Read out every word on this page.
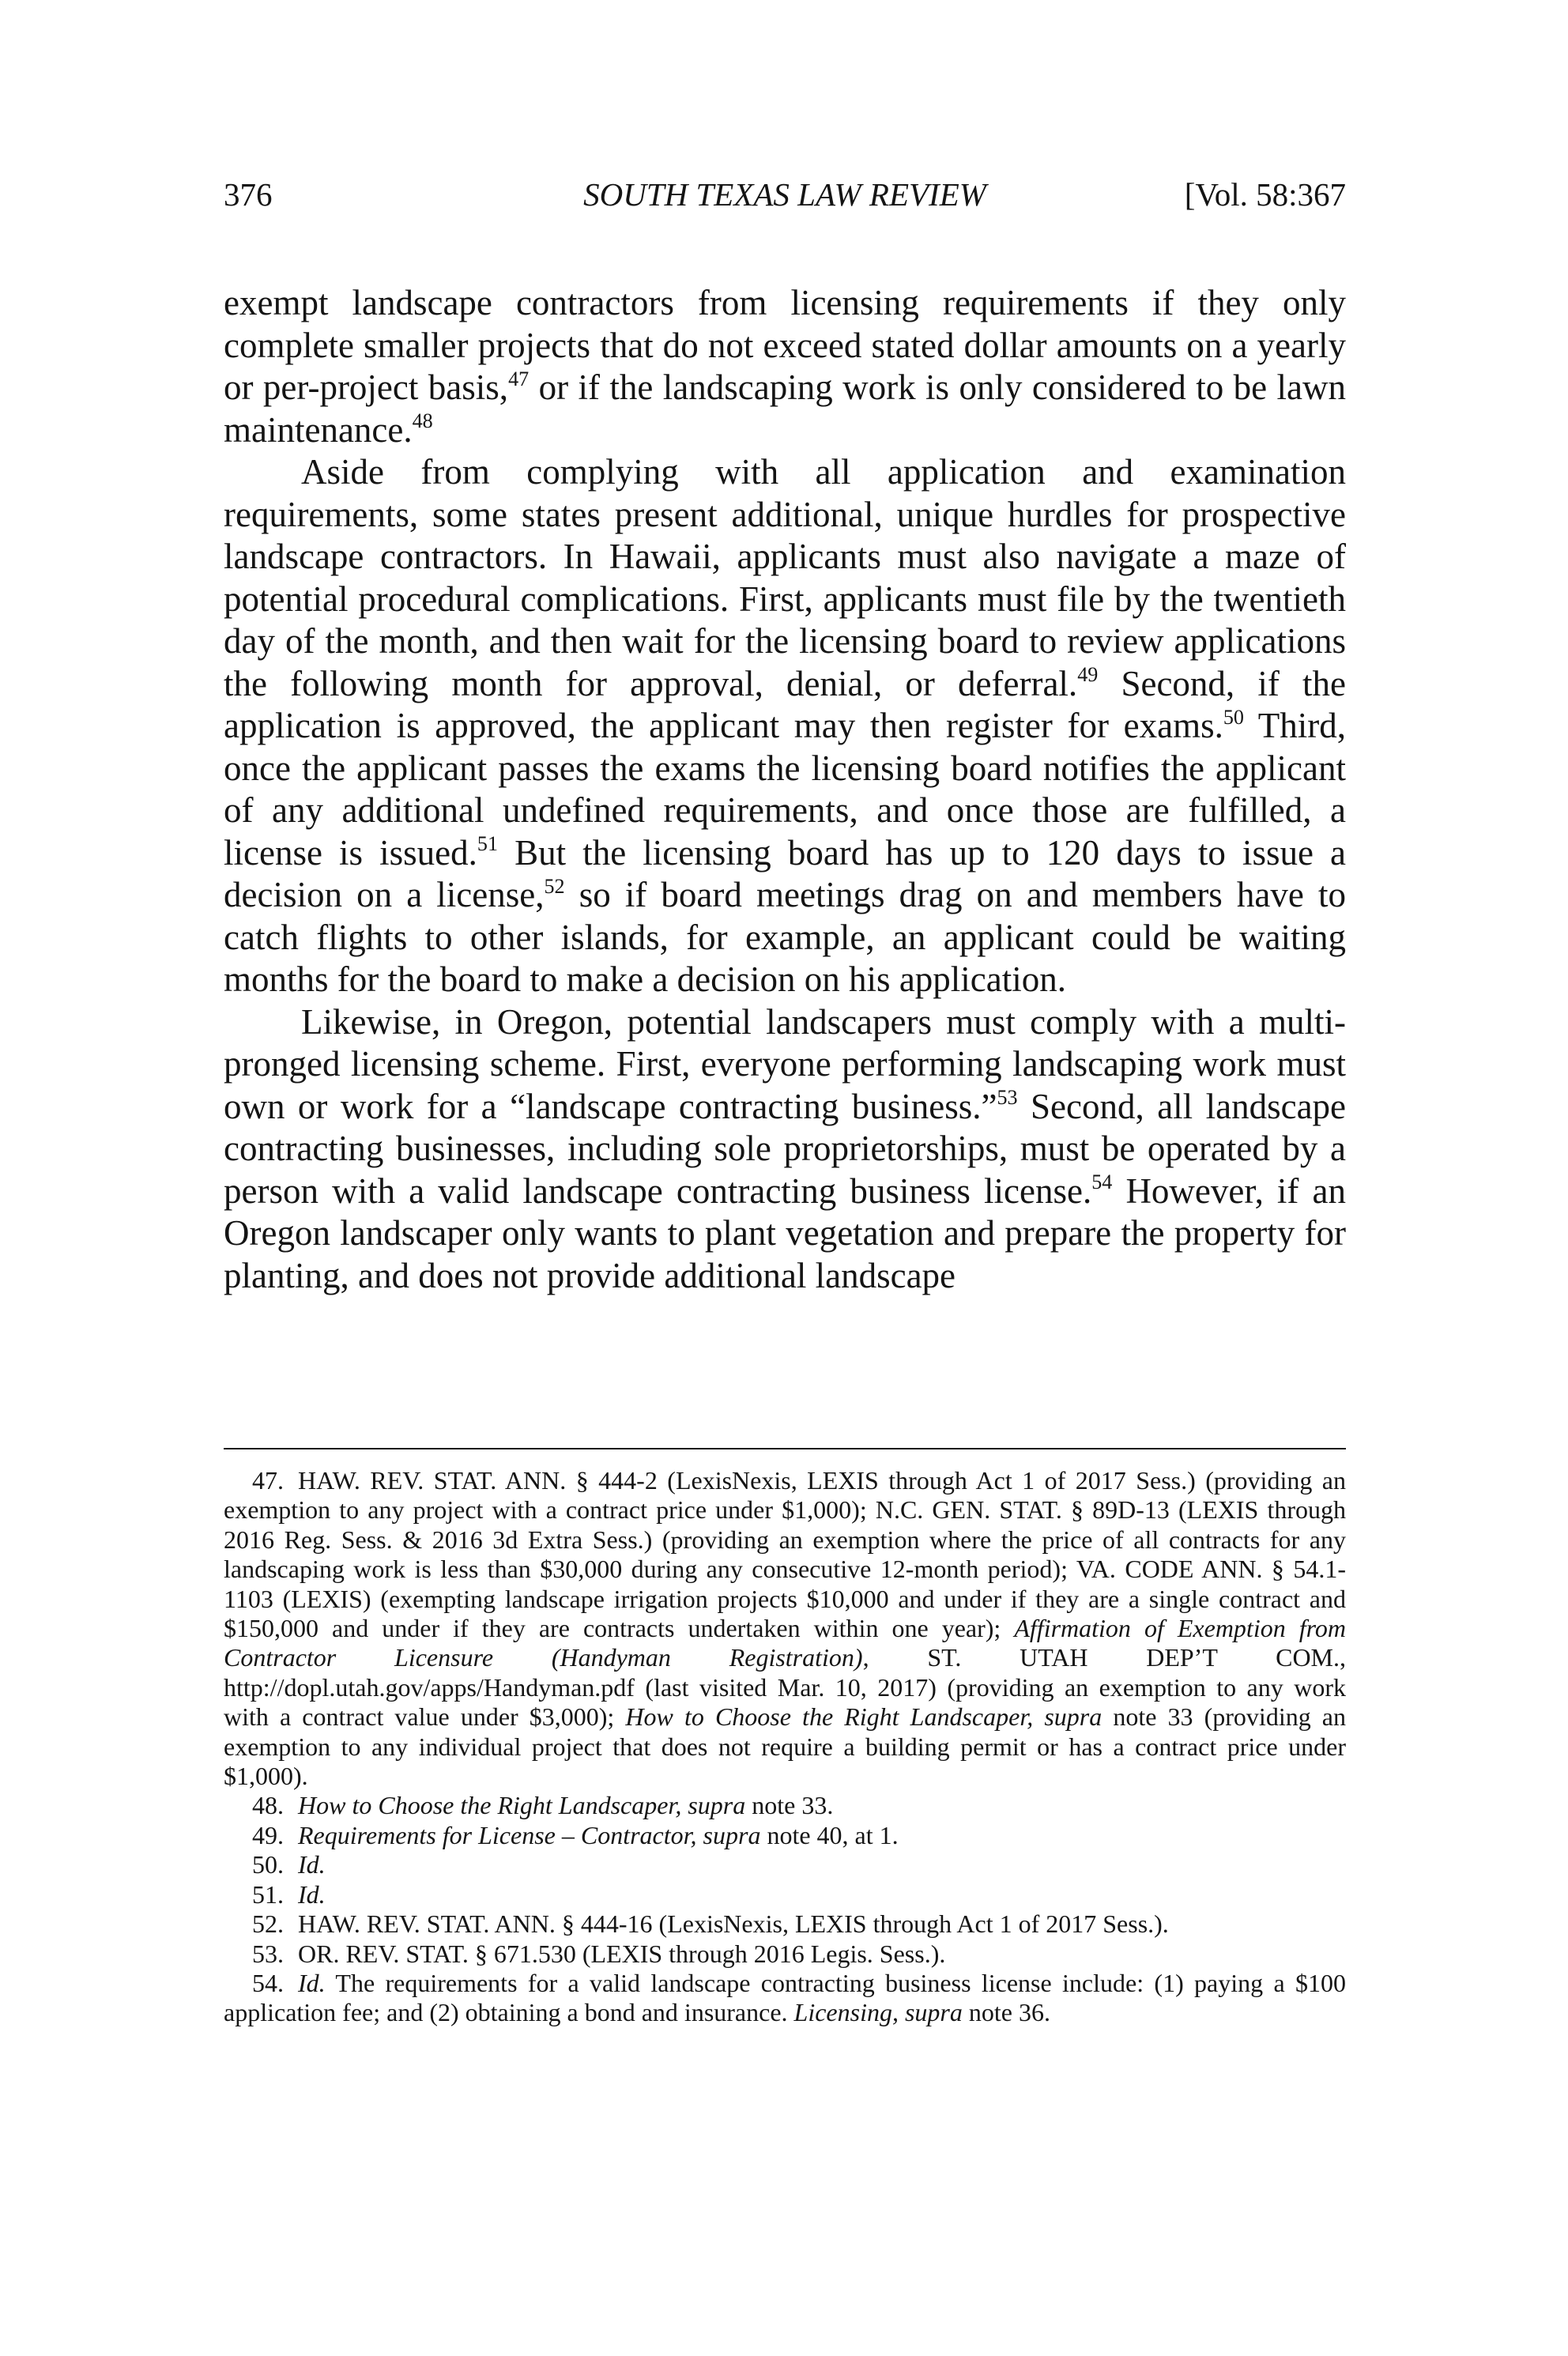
376	SOUTH TEXAS LAW REVIEW	[Vol. 58:367

exempt landscape contractors from licensing requirements if they only complete smaller projects that do not exceed stated dollar amounts on a yearly or per-project basis,$^{47}$ or if the landscaping work is only considered to be lawn maintenance.$^{48}$

Aside from complying with all application and examination requirements, some states present additional, unique hurdles for prospective landscape contractors. In Hawaii, applicants must also navigate a maze of potential procedural complications. First, applicants must file by the twentieth day of the month, and then wait for the licensing board to review applications the following month for approval, denial, or deferral.$^{49}$ Second, if the application is approved, the applicant may then register for exams.$^{50}$ Third, once the applicant passes the exams the licensing board notifies the applicant of any additional undefined requirements, and once those are fulfilled, a license is issued.$^{51}$ But the licensing board has up to 120 days to issue a decision on a license,$^{52}$ so if board meetings drag on and members have to catch flights to other islands, for example, an applicant could be waiting months for the board to make a decision on his application.

Likewise, in Oregon, potential landscapers must comply with a multi-pronged licensing scheme. First, everyone performing landscaping work must own or work for a “landscape contracting business.”$^{53}$ Second, all landscape contracting businesses, including sole proprietorships, must be operated by a person with a valid landscape contracting business license.$^{54}$ However, if an Oregon landscaper only wants to plant vegetation and prepare the property for planting, and does not provide additional landscape

47. HAW. REV. STAT. ANN. § 444-2 (LexisNexis, LEXIS through Act 1 of 2017 Sess.) (providing an exemption to any project with a contract price under $1,000); N.C. GEN. STAT. § 89D-13 (LEXIS through 2016 Reg. Sess. & 2016 3d Extra Sess.) (providing an exemption where the price of all contracts for any landscaping work is less than $30,000 during any consecutive 12-month period); VA. CODE ANN. § 54.1-1103 (LEXIS) (exempting landscape irrigation projects $10,000 and under if they are a single contract and $150,000 and under if they are contracts undertaken within one year); Affirmation of Exemption from Contractor Licensure (Handyman Registration), ST. UTAH DEP’T COM., http://dopl.utah.gov/apps/Handyman.pdf (last visited Mar. 10, 2017) (providing an exemption to any work with a contract value under $3,000); How to Choose the Right Landscaper, supra note 33 (providing an exemption to any individual project that does not require a building permit or has a contract price under $1,000).
48. How to Choose the Right Landscaper, supra note 33.
49. Requirements for License – Contractor, supra note 40, at 1.
50. Id.
51. Id.
52. HAW. REV. STAT. ANN. § 444-16 (LexisNexis, LEXIS through Act 1 of 2017 Sess.).
53. OR. REV. STAT. § 671.530 (LEXIS through 2016 Legis. Sess.).
54. Id. The requirements for a valid landscape contracting business license include: (1) paying a $100 application fee; and (2) obtaining a bond and insurance. Licensing, supra note 36.
